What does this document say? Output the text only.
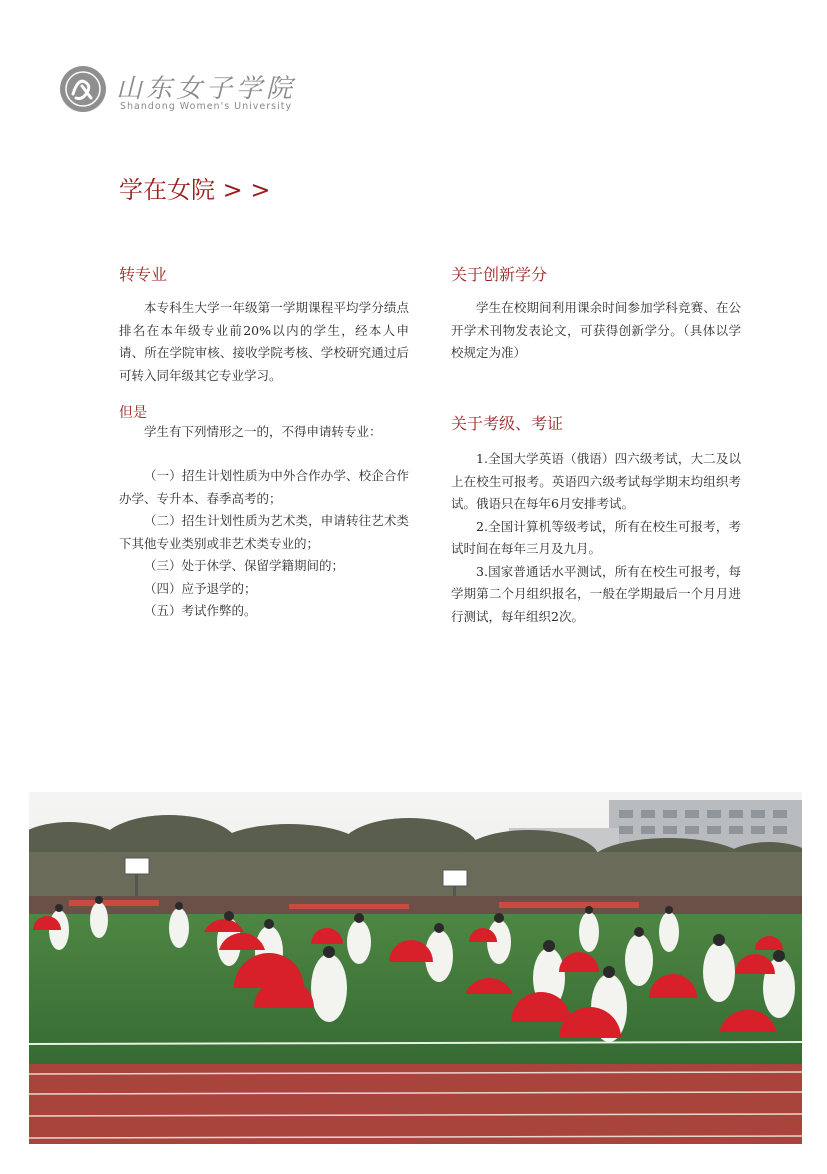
山东女子学院
Shandong Women's University
学在女院 > >
转专业

本专科生大学一年级第一学期课程平均学分绩点排名在本年级专业前20%以内的学生，经本人申请、所在学院审核、接收学院考核、学校研究通过后可转入同年级其它专业学习。

但是

学生有下列情形之一的，不得申请转专业：

（一）招生计划性质为中外合作办学、校企合作办学、专升本、春季高考的；
（二）招生计划性质为艺术类，申请转往艺术类下其他专业类别或非艺术类专业的；
（三）处于休学、保留学籍期间的；
（四）应予退学的；
（五）考试作弊的。
关于创新学分

学生在校期间利用课余时间参加学科竞赛、在公开学术刊物发表论文，可获得创新学分。（具体以学校规定为准）

关于考级、考证
1.全国大学英语（俄语）四六级考试，大二及以上在校生可报考。英语四六级考试每学期末均组织考试。俄语只在每年6月安排考试。
2.全国计算机等级考试，所有在校生可报考，考试时间在每年三月及九月。
3.国家普通话水平测试，所有在校生可报考，每学期第二个月组织报名，一般在学期最后一个月月进行测试，每年组织2次。
